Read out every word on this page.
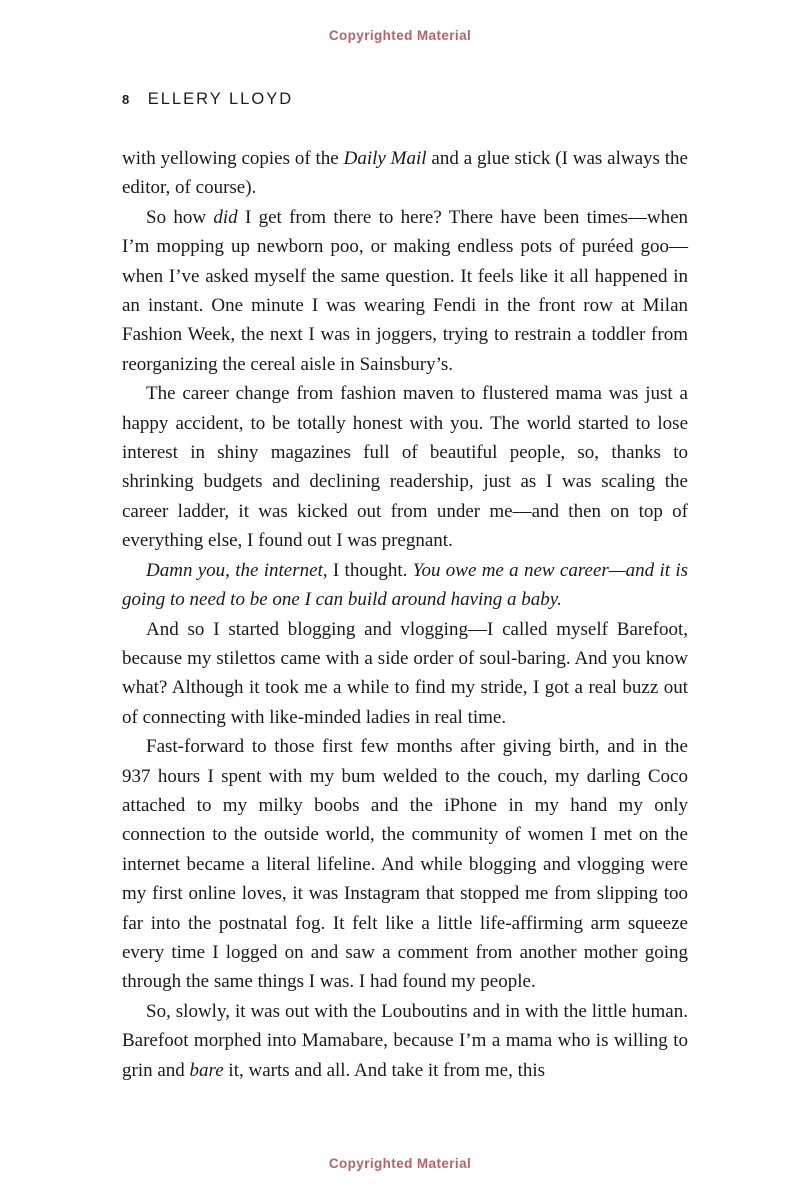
Copyrighted Material
8 ELLERY LLOYD

with yellowing copies of the Daily Mail and a glue stick (I was always the editor, of course).

So how did I get from there to here? There have been times—when I’m mopping up newborn poo, or making endless pots of puréed goo—when I’ve asked myself the same question. It feels like it all happened in an instant. One minute I was wearing Fendi in the front row at Milan Fashion Week, the next I was in joggers, trying to restrain a toddler from reorganizing the cereal aisle in Sainsbury’s.

The career change from fashion maven to flustered mama was just a happy accident, to be totally honest with you. The world started to lose interest in shiny magazines full of beautiful people, so, thanks to shrinking budgets and declining readership, just as I was scaling the career ladder, it was kicked out from under me—and then on top of everything else, I found out I was pregnant.

Damn you, the internet, I thought. You owe me a new career—and it is going to need to be one I can build around having a baby.

And so I started blogging and vlogging—I called myself Barefoot, because my stilettos came with a side order of soul-baring. And you know what? Although it took me a while to find my stride, I got a real buzz out of connecting with like-minded ladies in real time.

Fast-forward to those first few months after giving birth, and in the 937 hours I spent with my bum welded to the couch, my darling Coco attached to my milky boobs and the iPhone in my hand my only connection to the outside world, the community of women I met on the internet became a literal lifeline. And while blogging and vlogging were my first online loves, it was Instagram that stopped me from slipping too far into the postnatal fog. It felt like a little life-affirming arm squeeze every time I logged on and saw a comment from another mother going through the same things I was. I had found my people.

So, slowly, it was out with the Louboutins and in with the little human. Barefoot morphed into Mamabare, because I’m a mama who is willing to grin and bare it, warts and all. And take it from me, this

Copyrighted Material
